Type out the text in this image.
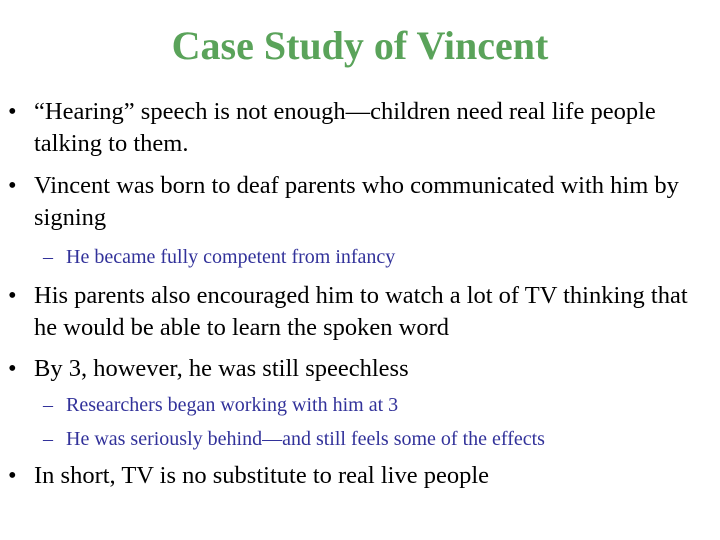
Case Study of Vincent
• “Hearing” speech is not enough—children need real life people talking to them.
• Vincent was born to deaf parents who communicated with him by signing
– He became fully competent from infancy
• His parents also encouraged him to watch a lot of TV thinking that he would be able to learn the spoken word
• By 3, however, he was still speechless
– Researchers began working with him at 3
– He was seriously behind—and still feels some of the effects
• In short, TV is no substitute to real live people
